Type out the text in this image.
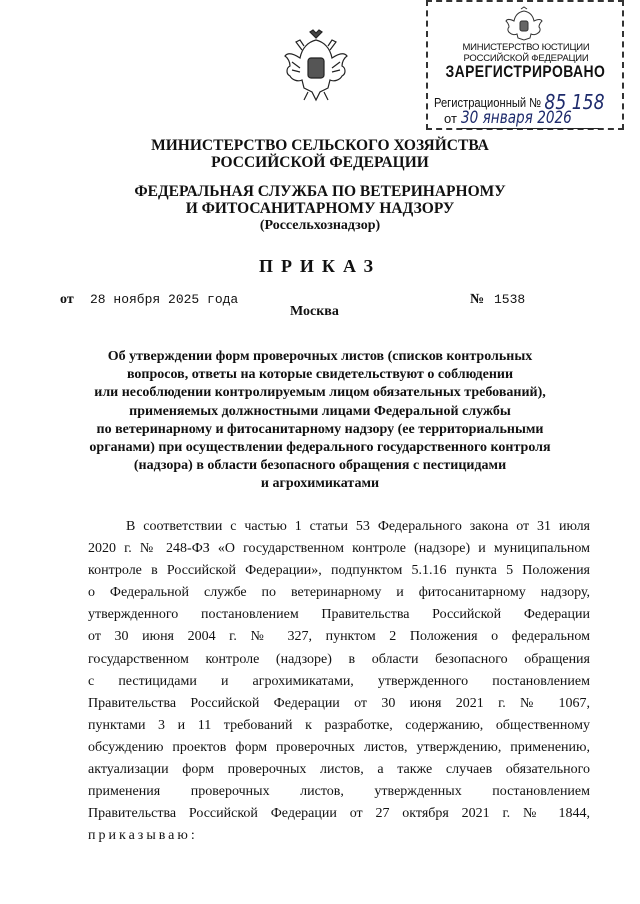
МИНИСТЕРСТВО ЮСТИЦИИ РОССИЙСКОЙ ФЕДЕРАЦИИ
ЗАРЕГИСТРИРОВАНО
Регистрационный № 85 158
от 30 января 2026
МИНИСТЕРСТВО СЕЛЬСКОГО ХОЗЯЙСТВА
РОССИЙСКОЙ ФЕДЕРАЦИИ
ФЕДЕРАЛЬНАЯ СЛУЖБА ПО ВЕТЕРИНАРНОМУ
И ФИТОСАНИТАРНОМУ НАДЗОРУ
(Россельхознадзор)
ПРИКАЗ
от 28 ноября 2025 года
Москва
№ 1538
Об утверждении форм проверочных листов (списков контрольных
вопросов, ответы на которые свидетельствуют о соблюдении
или несоблюдении контролируемым лицом обязательных требований),
применяемых должностными лицами Федеральной службы
по ветеринарному и фитосанитарному надзору (ее территориальными
органами) при осуществлении федерального государственного контроля
(надзора) в области безопасного обращения с пестицидами
и агрохимикатами
В соответствии с частью 1 статьи 53 Федерального закона от 31 июля
2020 г. № 248-ФЗ «О государственном контроле (надзоре) и муниципальном
контроле в Российской Федерации», подпунктом 5.1.16 пункта 5 Положения
о Федеральной службе по ветеринарному и фитосанитарному надзору,
утвержденного постановлением Правительства Российской Федерации
от 30 июня 2004 г. № 327, пунктом 2 Положения о федеральном
государственном контроле (надзоре) в области безопасного обращения
с пестицидами и агрохимикатами, утвержденного постановлением
Правительства Российской Федерации от 30 июня 2021 г. № 1067,
пунктами 3 и 11 требований к разработке, содержанию, общественному
обсуждению проектов форм проверочных листов, утверждению, применению,
актуализации форм проверочных листов, а также случаев обязательного
применения проверочных листов, утвержденных постановлением
Правительства Российской Федерации от 27 октября 2021 г. № 1844,
приказываю:
